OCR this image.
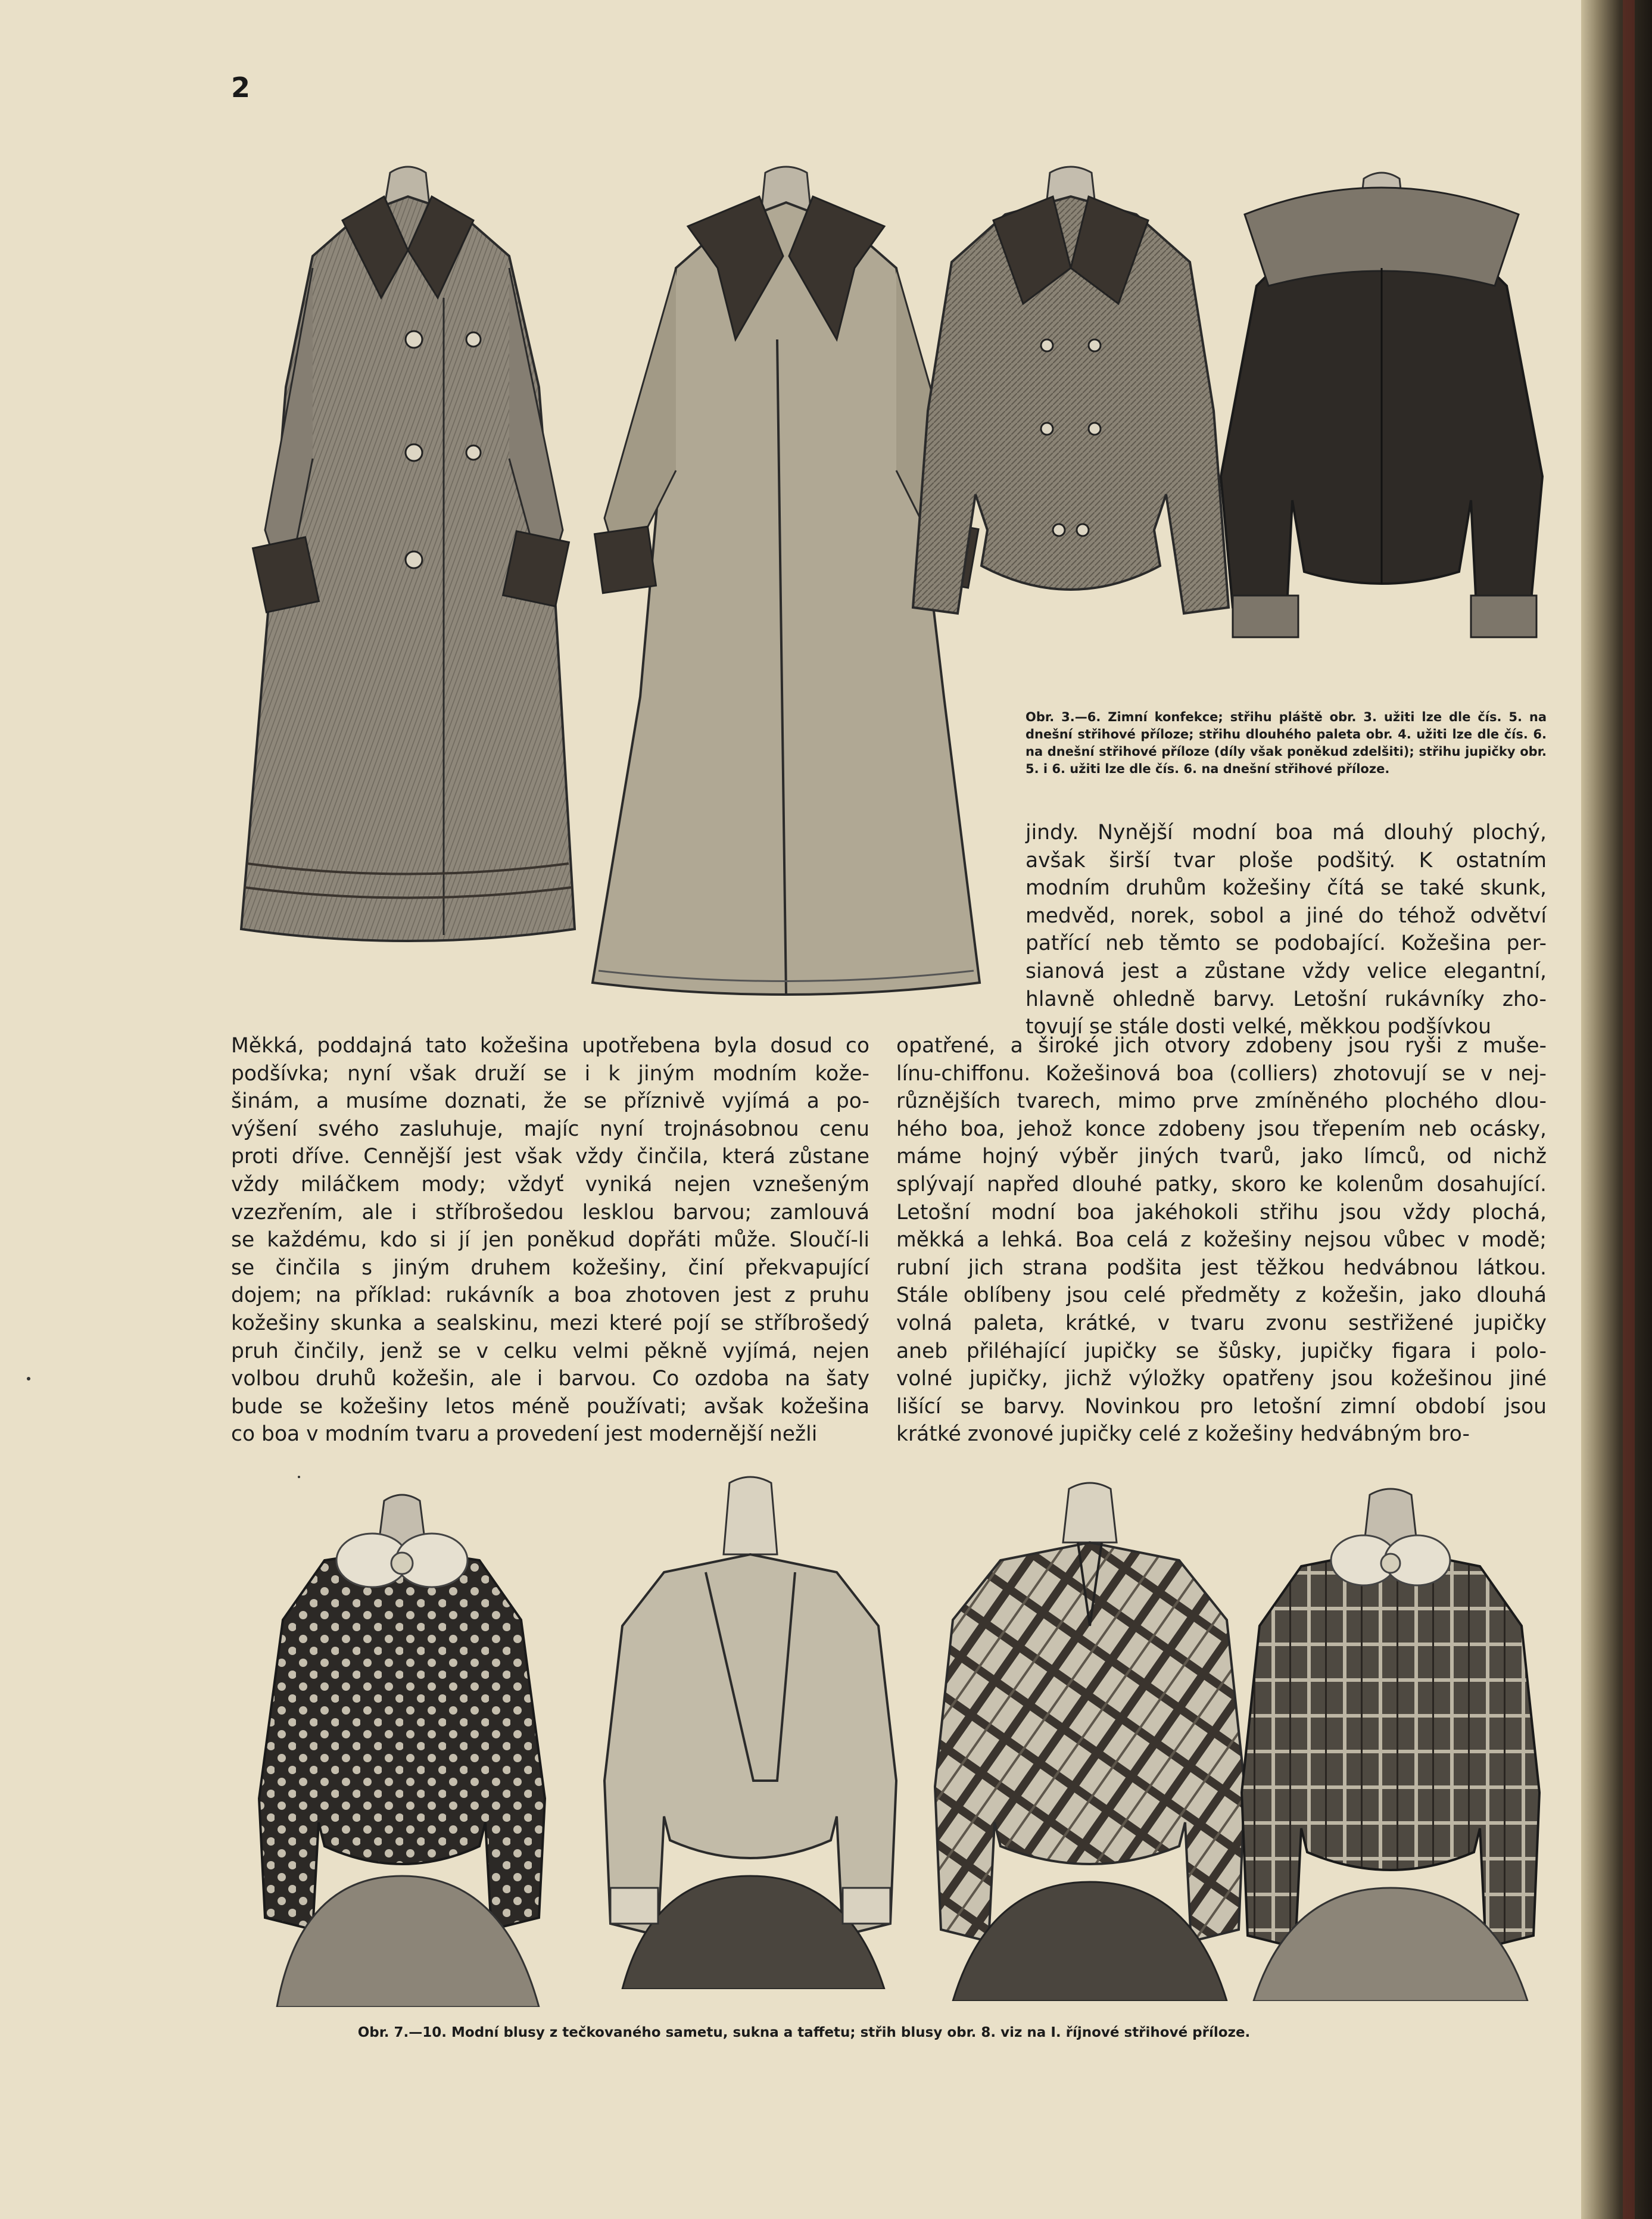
2
Obr. 3.—6. Zimní konfekce; střihu pláště obr. 3. užiti lze dle čís. 5. na dnešní střihové příloze; střihu dlouhého paleta obr. 4. užiti lze dle čís. 6. na dnešní střihové příloze (díly však poněkud zdelšiti); střihu jupičky obr. 5. i 6. užiti lze dle čís. 6. na dnešní střihové příloze.
jindy. Nynější modní boa má dlouhý plochý,
avšak širší tvar ploše podšitý. K ostatním
modním druhům kožešiny čítá se také skunk,
medvěd, norek, sobol a jiné do téhož odvětví
patřící neb těmto se podobající. Kožešina per-
sianová jest a zůstane vždy velice elegantní,
hlavně ohledně barvy. Letošní rukávníky zho-
tovují se stále dosti velké, měkkou podšívkou
Měkká, poddajná tato kožešina upotřebena byla dosud co
podšívka; nyní však druží se i k jiným modním kože-
šinám, a musíme doznati, že se příznivě vyjímá a po-
výšení svého zasluhuje, majíc nyní trojnásobnou cenu
proti dříve. Cennější jest však vždy činčila, která zůstane
vždy miláčkem mody; vždyť vyniká nejen vznešeným
vzezřením, ale i stříbrošedou lesklou barvou; zamlouvá
se každému, kdo si jí jen poněkud dopřáti může. Sloučí-li
se činčila s jiným druhem kožešiny, činí překvapující
dojem; na příklad: rukávník a boa zhotoven jest z pruhu
kožešiny skunka a sealskinu, mezi které pojí se stříbrošedý
pruh činčily, jenž se v celku velmi pěkně vyjímá, nejen
volbou druhů kožešin, ale i barvou. Co ozdoba na šaty
bude se kožešiny letos méně používati; avšak kožešina
co boa v modním tvaru a provedení jest modernější nežli
opatřené, a široké jich otvory zdobeny jsou ryši z muše-
línu-chiffonu. Kožešinová boa (colliers) zhotovují se v nej-
různějších tvarech, mimo prve zmíněného plochého dlou-
hého boa, jehož konce zdobeny jsou třepením neb ocásky,
máme hojný výběr jiných tvarů, jako límců, od nichž
splývají napřed dlouhé patky, skoro ke kolenům dosahující.
Letošní modní boa jakéhokoli střihu jsou vždy plochá,
měkká a lehká. Boa celá z kožešiny nejsou vůbec v modě;
rubní jich strana podšita jest těžkou hedvábnou látkou.
Stále oblíbeny jsou celé předměty z kožešin, jako dlouhá
volná paleta, krátké, v tvaru zvonu sestřižené jupičky
aneb přiléhající jupičky se šůsky, jupičky figara i polo-
volné jupičky, jichž výložky opatřeny jsou kožešinou jiné
lišící se barvy. Novinkou pro letošní zimní období jsou
krátké zvonové jupičky celé z kožešiny hedvábným bro-
Obr. 7.—10. Modní blusy z tečkovaného sametu, sukna a taffetu; střih blusy obr. 8. viz na I. říjnové střihové příloze.
